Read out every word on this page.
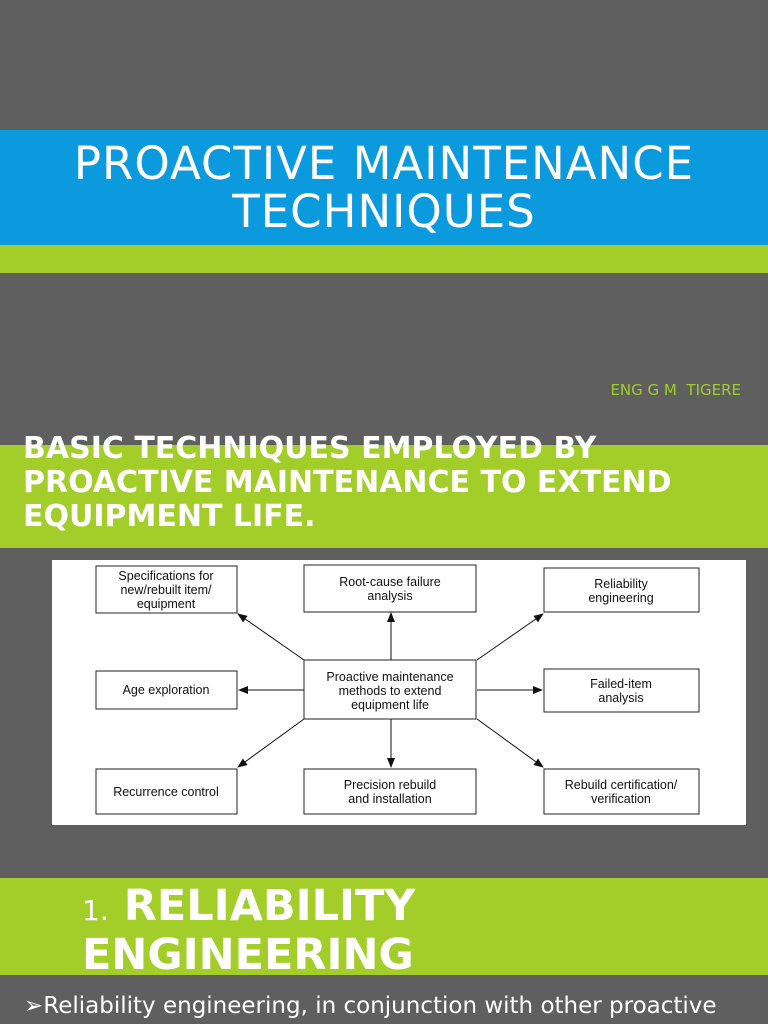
PROACTIVE MAINTENANCE
TECHNIQUES
ENG G M  TIGERE
BASIC TECHNIQUES EMPLOYED BY
PROACTIVE MAINTENANCE TO EXTEND
EQUIPMENT LIFE.
Specifications for
new/rebuilt item/
equipment
Root-cause failure
analysis
Reliability
engineering
Age exploration
Proactive maintenance
methods to extend
equipment life
Failed-item
analysis
Recurrence control	Precision rebuild
and installation
Rebuild certification/
verification
1. RELIABILITY
ENGINEERING
➢Reliability engineering, in conjunction with other proactive
